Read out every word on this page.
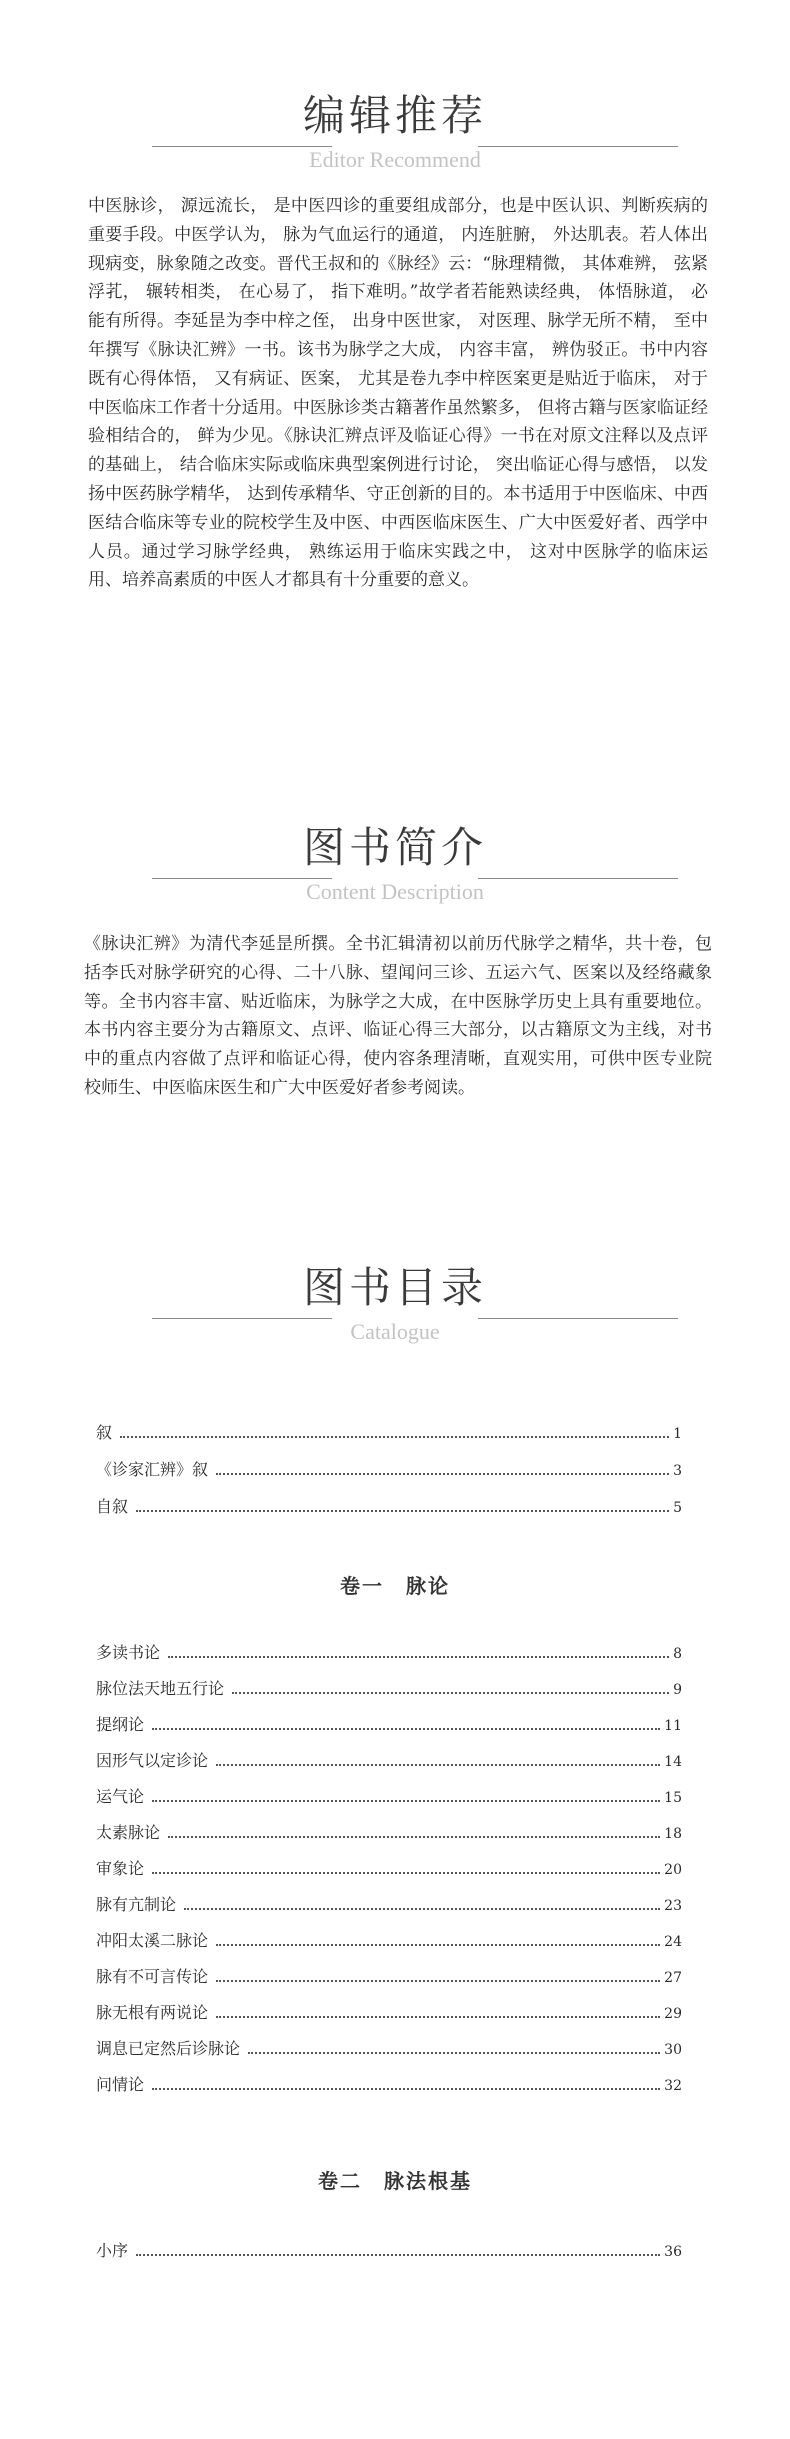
编辑推荐
Editor Recommend

中医脉诊， 源远流长， 是中医四诊的重要组成部分，也是中医认识、判断疾病的重要手段。中医学认为， 脉为气血运行的通道， 内连脏腑， 外达肌表。若人体出现病变，脉象随之改变。晋代王叔和的《脉经》云：“脉理精微， 其体难辨， 弦紧浮芤， 辗转相类， 在心易了， 指下难明。”故学者若能熟读经典， 体悟脉道， 必能有所得。李延昰为李中梓之侄， 出身中医世家， 对医理、脉学无所不精， 至中年撰写《脉诀汇辨》一书。该书为脉学之大成， 内容丰富， 辨伪驳正。书中内容既有心得体悟， 又有病证、医案， 尤其是卷九李中梓医案更是贴近于临床， 对于中医临床工作者十分适用。中医脉诊类古籍著作虽然繁多， 但将古籍与医家临证经验相结合的， 鲜为少见。《脉诀汇辨点评及临证心得》一书在对原文注释以及点评的基础上， 结合临床实际或临床典型案例进行讨论， 突出临证心得与感悟， 以发扬中医药脉学精华， 达到传承精华、守正创新的目的。本书适用于中医临床、中西医结合临床等专业的院校学生及中医、中西医临床医生、广大中医爱好者、西学中人员。通过学习脉学经典， 熟练运用于临床实践之中， 这对中医脉学的临床运用、培养高素质的中医人才都具有十分重要的意义。

图书简介
Content Description

《脉诀汇辨》为清代李延昰所撰。全书汇辑清初以前历代脉学之精华，共十卷，包括李氏对脉学研究的心得、二十八脉、望闻问三诊、五运六气、医案以及经络藏象等。全书内容丰富、贴近临床，为脉学之大成，在中医脉学历史上具有重要地位。本书内容主要分为古籍原文、点评、临证心得三大部分，以古籍原文为主线，对书中的重点内容做了点评和临证心得，使内容条理清晰，直观实用，可供中医专业院校师生、中医临床医生和广大中医爱好者参考阅读。

图书目录
Catalogue
叙	1
《诊家汇辨》叙	3
自叙	5
卷一　脉论
多读书论	8
脉位法天地五行论	9
提纲论	11
因形气以定诊论	14
运气论	15
太素脉论	18
审象论	20
脉有亢制论	23
冲阳太溪二脉论	24
脉有不可言传论	27
脉无根有两说论	29
调息已定然后诊脉论	30
问情论	32
卷二　脉法根基
小序	36
